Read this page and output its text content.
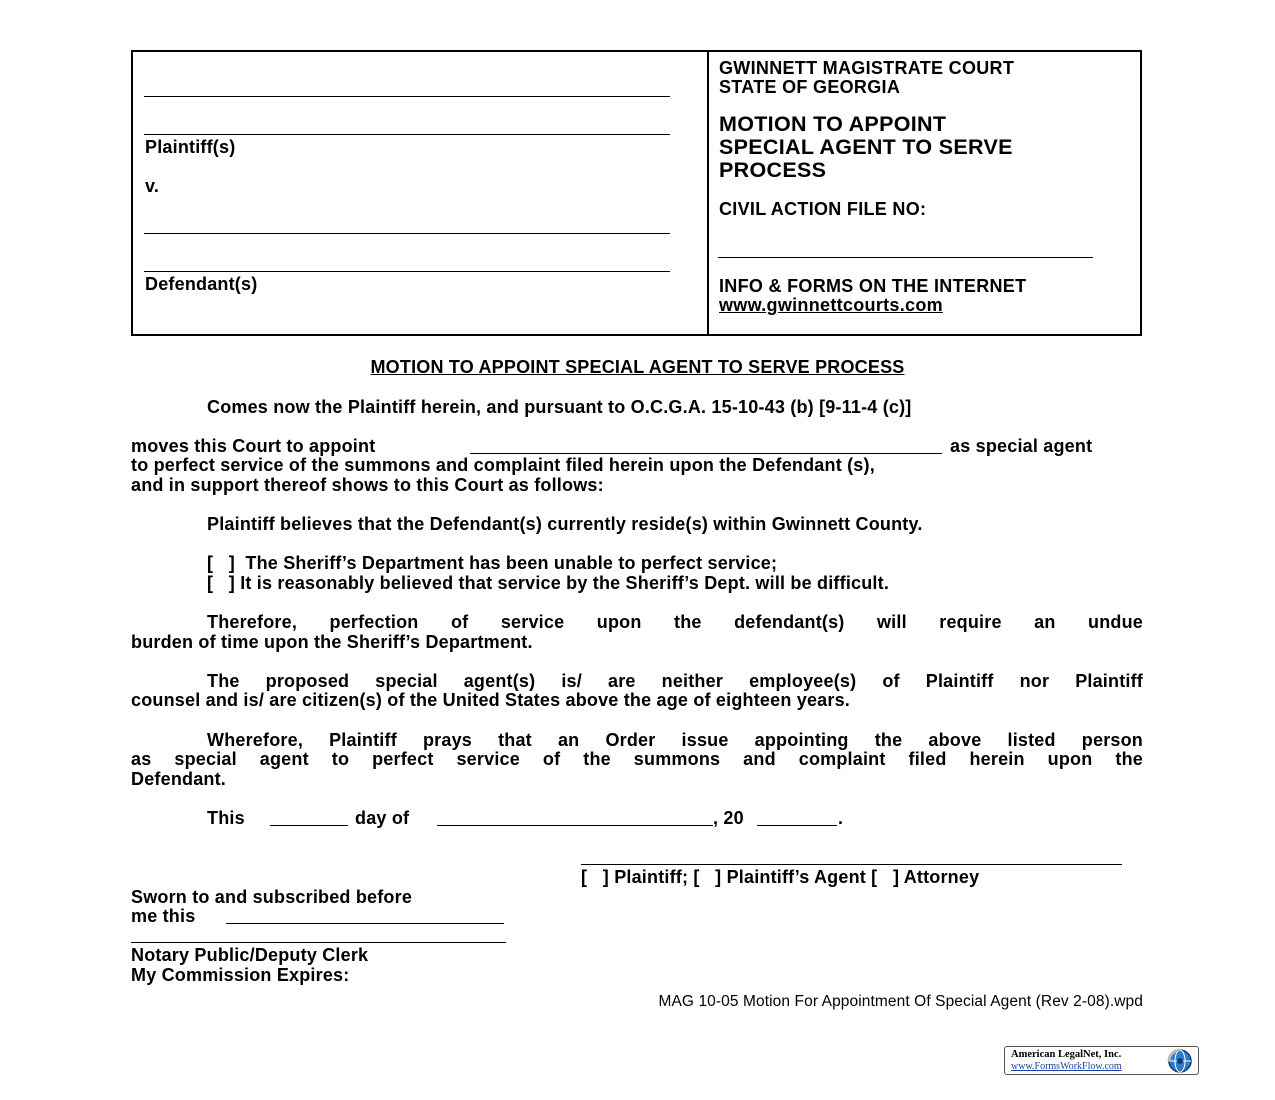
Plaintiff(s)
v.
Defendant(s)
GWINNETT MAGISTRATE COURT
STATE OF GEORGIA
MOTION TO APPOINT
SPECIAL AGENT TO SERVE
PROCESS
CIVIL ACTION FILE NO:
INFO & FORMS ON THE INTERNET
www.gwinnettcourts.com
MOTION TO APPOINT SPECIAL AGENT TO SERVE PROCESS
Comes now the Plaintiff herein, and pursuant to O.C.G.A. 15-10-43 (b) [9-11-4 (c)]
moves this Court to appoint	as special agent
to perfect service of the summons and complaint filed herein upon the Defendant (s),
and in support thereof shows to this Court as follows:
Plaintiff believes that the Defendant(s) currently reside(s) within Gwinnett County.
[   ]  The Sheriff’s Department has been unable to perfect service;
[   ] It is reasonably believed that service by the Sheriff’s Dept. will be difficult.
Therefore, perfection of service upon the defendant(s) will require an undue
burden of time upon the Sheriff’s Department.
The proposed special agent(s) is/ are neither employee(s) of Plaintiff nor Plaintiff
counsel and is/ are citizen(s) of the United States above the age of eighteen years.
Wherefore, Plaintiff prays that an Order issue appointing the above listed person
as special agent to perfect service of the summons and complaint filed herein upon the
Defendant.
This	day of	, 20	.
[   ] Plaintiff; [   ] Plaintiff’s Agent [   ] Attorney
Sworn to and subscribed before
me this
Notary Public/Deputy Clerk
My Commission Expires:
MAG 10-05 Motion For Appointment Of Special Agent (Rev 2-08).wpd
American LegalNet, Inc.
www.FormsWorkFlow.com
